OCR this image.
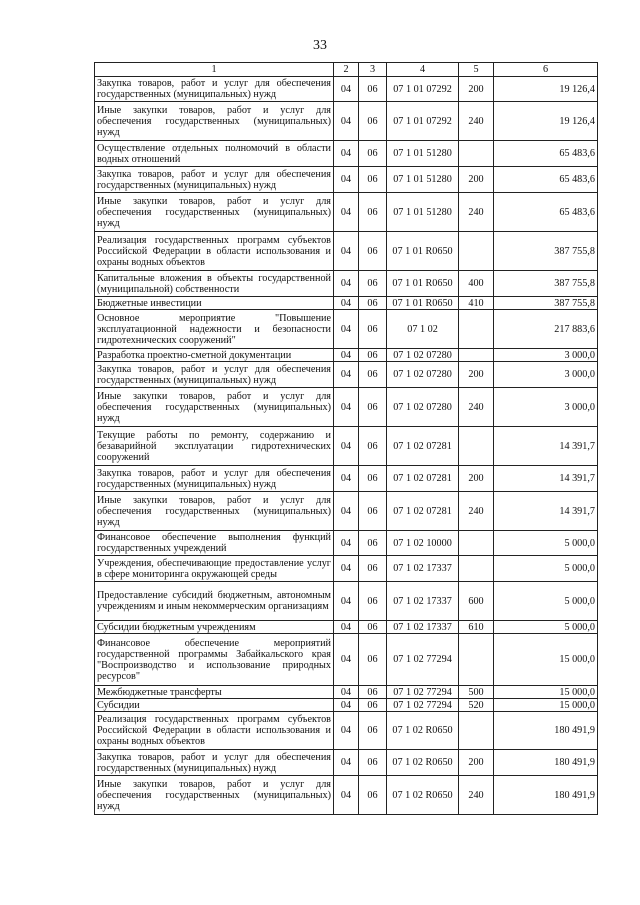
33
1	2	3	4	5	6
Закупка товаров, работ и услуг для обеспечения государственных (муниципальных) нужд	04	06	07 1 01 07292	200	19 126,4
Иные закупки товаров, работ и услуг для обеспечения государственных (муниципальных) нужд	04	06	07 1 01 07292	240	19 126,4
Осуществление отдельных полномочий в области водных отношений	04	06	07 1 01 51280		65 483,6
Закупка товаров, работ и услуг для обеспечения государственных (муниципальных) нужд	04	06	07 1 01 51280	200	65 483,6
Иные закупки товаров, работ и услуг для обеспечения государственных (муниципальных) нужд	04	06	07 1 01 51280	240	65 483,6
Реализация государственных программ субъектов Российской Федерации в области использования и охраны водных объектов	04	06	07 1 01 R0650		387 755,8
Капитальные вложения в объекты государственной (муниципальной) собственности	04	06	07 1 01 R0650	400	387 755,8
Бюджетные инвестиции	04	06	07 1 01 R0650	410	387 755,8
Основное мероприятие "Повышение эксплуатационной надежности и безопасности гидротехнических сооружений"	04	06	07 1 02		217 883,6
Разработка проектно-сметной документации	04	06	07 1 02 07280		3 000,0
Закупка товаров, работ и услуг для обеспечения государственных (муниципальных) нужд	04	06	07 1 02 07280	200	3 000,0
Иные закупки товаров, работ и услуг для обеспечения государственных (муниципальных) нужд	04	06	07 1 02 07280	240	3 000,0
Текущие работы по ремонту, содержанию и безаварийной эксплуатации гидротехнических сооружений	04	06	07 1 02 07281		14 391,7
Закупка товаров, работ и услуг для обеспечения государственных (муниципальных) нужд	04	06	07 1 02 07281	200	14 391,7
Иные закупки товаров, работ и услуг для обеспечения государственных (муниципальных) нужд	04	06	07 1 02 07281	240	14 391,7
Финансовое обеспечение выполнения функций государственных учреждений	04	06	07 1 02 10000		5 000,0
Учреждения, обеспечивающие предоставление услуг в сфере мониторинга окружающей среды	04	06	07 1 02 17337		5 000,0
Предоставление субсидий бюджетным, автономным учреждениям и иным некоммерческим организациям	04	06	07 1 02 17337	600	5 000,0
Субсидии бюджетным учреждениям	04	06	07 1 02 17337	610	5 000,0
Финансовое обеспечение мероприятий государственной программы Забайкальского края "Воспроизводство и использование природных ресурсов"	04	06	07 1 02 77294		15 000,0
Межбюджетные трансферты	04	06	07 1 02 77294	500	15 000,0
Субсидии	04	06	07 1 02 77294	520	15 000,0
Реализация государственных программ субъектов Российской Федерации в области использования и охраны водных объектов	04	06	07 1 02 R0650		180 491,9
Закупка товаров, работ и услуг для обеспечения государственных (муниципальных) нужд	04	06	07 1 02 R0650	200	180 491,9
Иные закупки товаров, работ и услуг для обеспечения государственных (муниципальных) нужд	04	06	07 1 02 R0650	240	180 491,9
